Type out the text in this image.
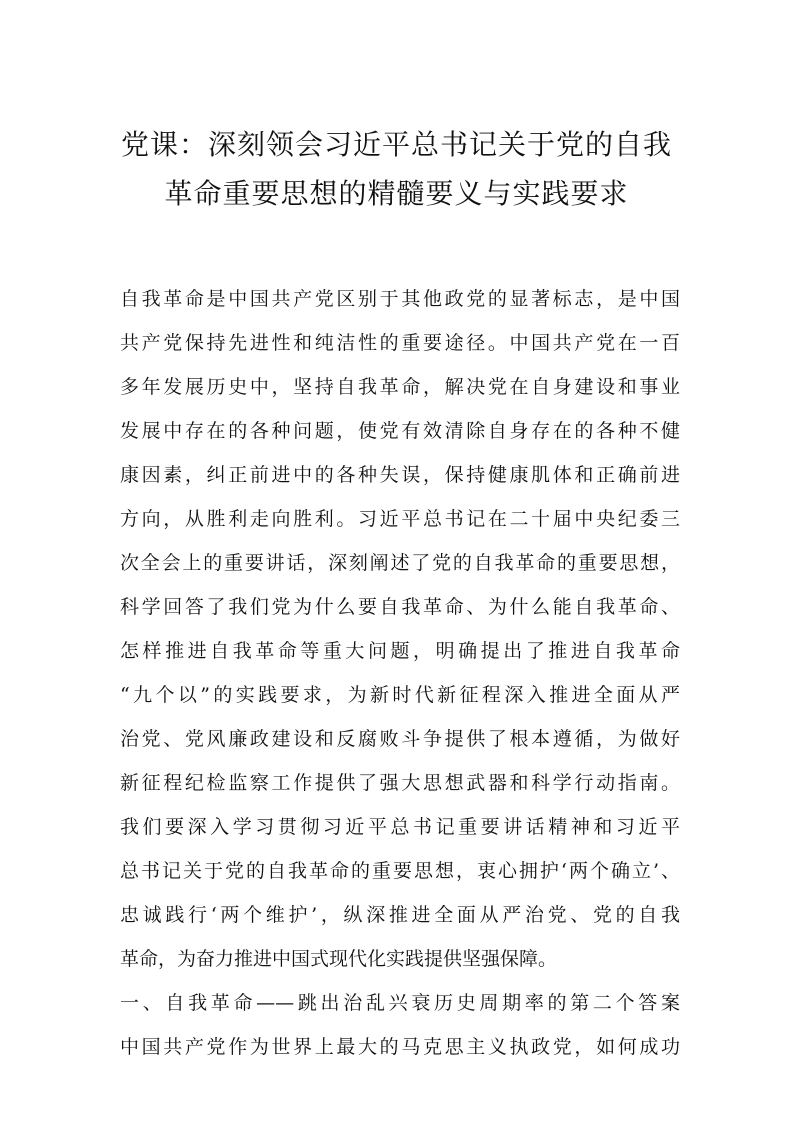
党课：深刻领会习近平总书记关于党的自我
革命重要思想的精髓要义与实践要求
自我革命是中国共产党区别于其他政党的显著标志，是中国
共产党保持先进性和纯洁性的重要途径。中国共产党在一百
多年发展历史中，坚持自我革命，解决党在自身建设和事业
发展中存在的各种问题，使党有效清除自身存在的各种不健
康因素，纠正前进中的各种失误，保持健康肌体和正确前进
方向，从胜利走向胜利。习近平总书记在二十届中央纪委三
次全会上的重要讲话，深刻阐述了党的自我革命的重要思想，
科学回答了我们党为什么要自我革命、为什么能自我革命、
怎样推进自我革命等重大问题，明确提出了推进自我革命
“九个以”的实践要求，为新时代新征程深入推进全面从严
治党、党风廉政建设和反腐败斗争提供了根本遵循，为做好
新征程纪检监察工作提供了强大思想武器和科学行动指南。
我们要深入学习贯彻习近平总书记重要讲话精神和习近平
总书记关于党的自我革命的重要思想，衷心拥护‘两个确立’、
忠诚践行‘两个维护’，纵深推进全面从严治党、党的自我
革命，为奋力推进中国式现代化实践提供坚强保障。
一、自我革命——跳出治乱兴衰历史周期率的第二个答案
中国共产党作为世界上最大的马克思主义执政党，如何成功
